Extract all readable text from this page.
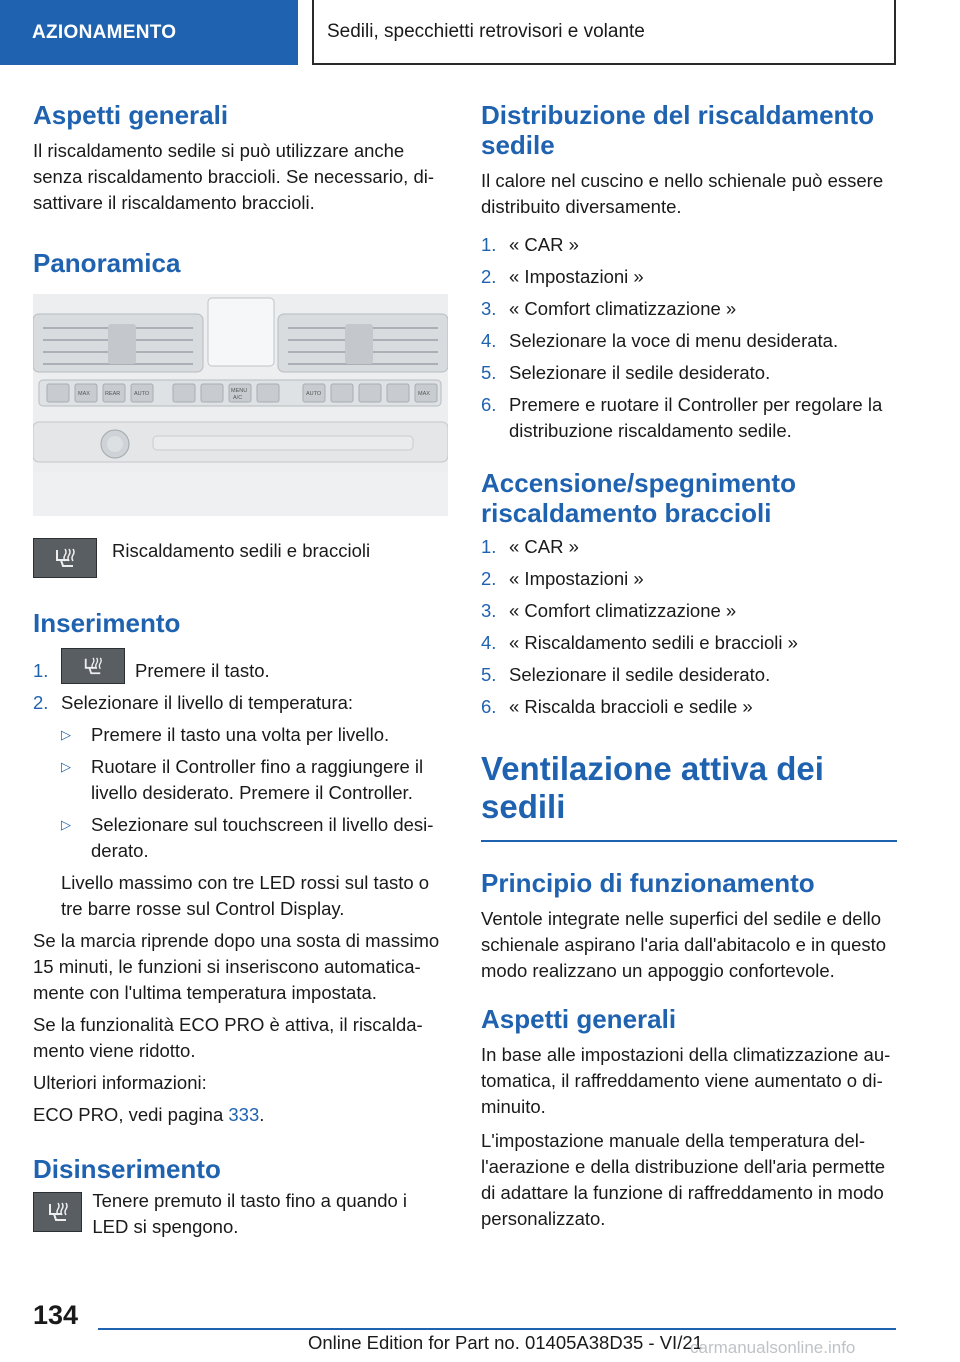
AZIONAMENTO	Sedili, specchietti retrovisori e volante
Aspetti generali

Il riscaldamento sedile si può utilizzare anche senza riscaldamento braccioli. Se necessario, di-sattivare il riscaldamento braccioli.

Panoramica
MAX	REAR AUTO	MENU
A/C
AUTO	MAX

Riscaldamento sedili e braccioli

Inserimento
1.	Premere il tasto.
2. Selezionare il livello di temperatura:
▷	Premere il tasto una volta per livello.
▷	Ruotare il Controller fino a raggiungere il livello desiderato. Premere il Controller.
▷	Selezionare sul touchscreen il livello desi-derato.

Livello massimo con tre LED rossi sul tasto o tre barre rosse sul Control Display.

Se la marcia riprende dopo una sosta di massimo 15 minuti, le funzioni si inseriscono automatica-mente con l'ultima temperatura impostata.

Se la funzionalità ECO PRO è attiva, il riscalda-mento viene ridotto.

Ulteriori informazioni:

ECO PRO, vedi pagina 333.

Disinserimento

Tenere premuto il tasto fino a quando i LED si spengono.

Distribuzione del riscaldamento sedile

Il calore nel cuscino e nello schienale può essere distribuito diversamente.

1. « CAR »
2. « Impostazioni »
3. « Comfort climatizzazione »
4. Selezionare la voce di menu desiderata.
5. Selezionare il sedile desiderato.
6. Premere e ruotare il Controller per regolare la distribuzione riscaldamento sedile.
Accensione/spegnimento riscaldamento braccioli
1. « CAR »
2. « Impostazioni »
3. « Comfort climatizzazione »
4. « Riscaldamento sedili e braccioli »
5. Selezionare il sedile desiderato.
6. « Riscalda braccioli e sedile »
Ventilazione attiva dei sedili
Principio di funzionamento

Ventole integrate nelle superfici del sedile e dello schienale aspirano l'aria dall'abitacolo e in questo modo realizzano un appoggio confortevole.

Aspetti generali

In base alle impostazioni della climatizzazione au-tomatica, il raffreddamento viene aumentato o di-minuito.

L'impostazione manuale della temperatura del-l'aerazione e della distribuzione dell'aria permette di adattare la funzione di raffreddamento in modo personalizzato.

134
Online Edition for Part no. 01405A38D35 - VI/21
carmanualsonline.info
